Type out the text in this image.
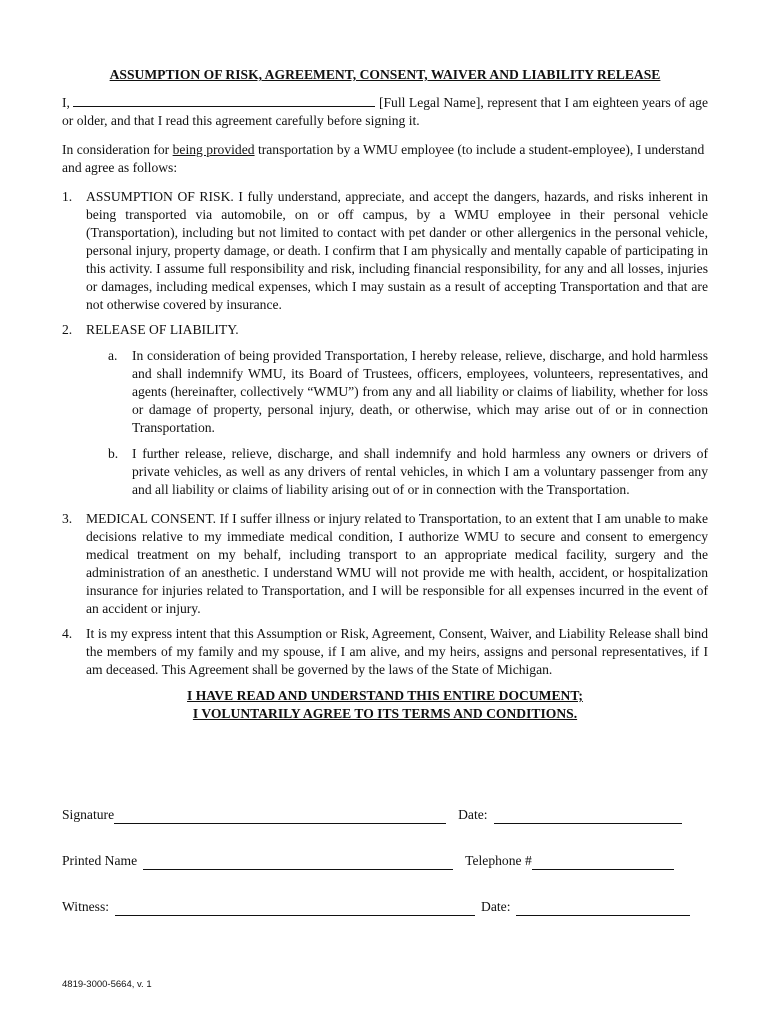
ASSUMPTION OF RISK, AGREEMENT, CONSENT, WAIVER AND LIABILITY RELEASE

I,	[Full Legal Name], represent that I am eighteen years of age or older, and that I read this agreement carefully before signing it.

In consideration for being provided transportation by a WMU employee (to include a student-employee), I understand and agree as follows:

1.	ASSUMPTION OF RISK. I fully understand, appreciate, and accept the dangers, hazards, and risks inherent in being transported via automobile, on or off campus, by a WMU employee in their personal vehicle (Transportation), including but not limited to contact with pet dander or other allergenics in the personal vehicle, personal injury, property damage, or death. I confirm that I am physically and mentally capable of participating in this activity. I assume full responsibility and risk, including financial responsibility, for any and all losses, injuries or damages, including medical expenses, which I may sustain as a result of accepting Transportation and that are not otherwise covered by insurance.
2.	RELEASE OF LIABILITY.
a.	In consideration of being provided Transportation, I hereby release, relieve, discharge, and hold harmless and shall indemnify WMU, its Board of Trustees, officers, employees, volunteers, representatives, and agents (hereinafter, collectively “WMU”) from any and all liability or claims of liability, whether for loss or damage of property, personal injury, death, or otherwise, which may arise out of or in connection Transportation.
b.	I further release, relieve, discharge, and shall indemnify and hold harmless any owners or drivers of private vehicles, as well as any drivers of rental vehicles, in which I am a voluntary passenger from any and all liability or claims of liability arising out of or in connection with the Transportation.
3.	MEDICAL CONSENT. If I suffer illness or injury related to Transportation, to an extent that I am unable to make decisions relative to my immediate medical condition, I authorize WMU to secure and consent to emergency medical treatment on my behalf, including transport to an appropriate medical facility, surgery and the administration of an anesthetic. I understand WMU will not provide me with health, accident, or hospitalization insurance for injuries related to Transportation, and I will be responsible for all expenses incurred in the event of an accident or injury.
4.	It is my express intent that this Assumption or Risk, Agreement, Consent, Waiver, and Liability Release shall bind the members of my family and my spouse, if I am alive, and my heirs, assigns and personal representatives, if I am deceased. This Agreement shall be governed by the laws of the State of Michigan.
I HAVE READ AND UNDERSTAND THIS ENTIRE DOCUMENT;
I VOLUNTARILY AGREE TO ITS TERMS AND CONDITIONS.
Signature	Date:
Printed Name	Telephone #
Witness:	Date:
4819-3000-5664, v. 1
